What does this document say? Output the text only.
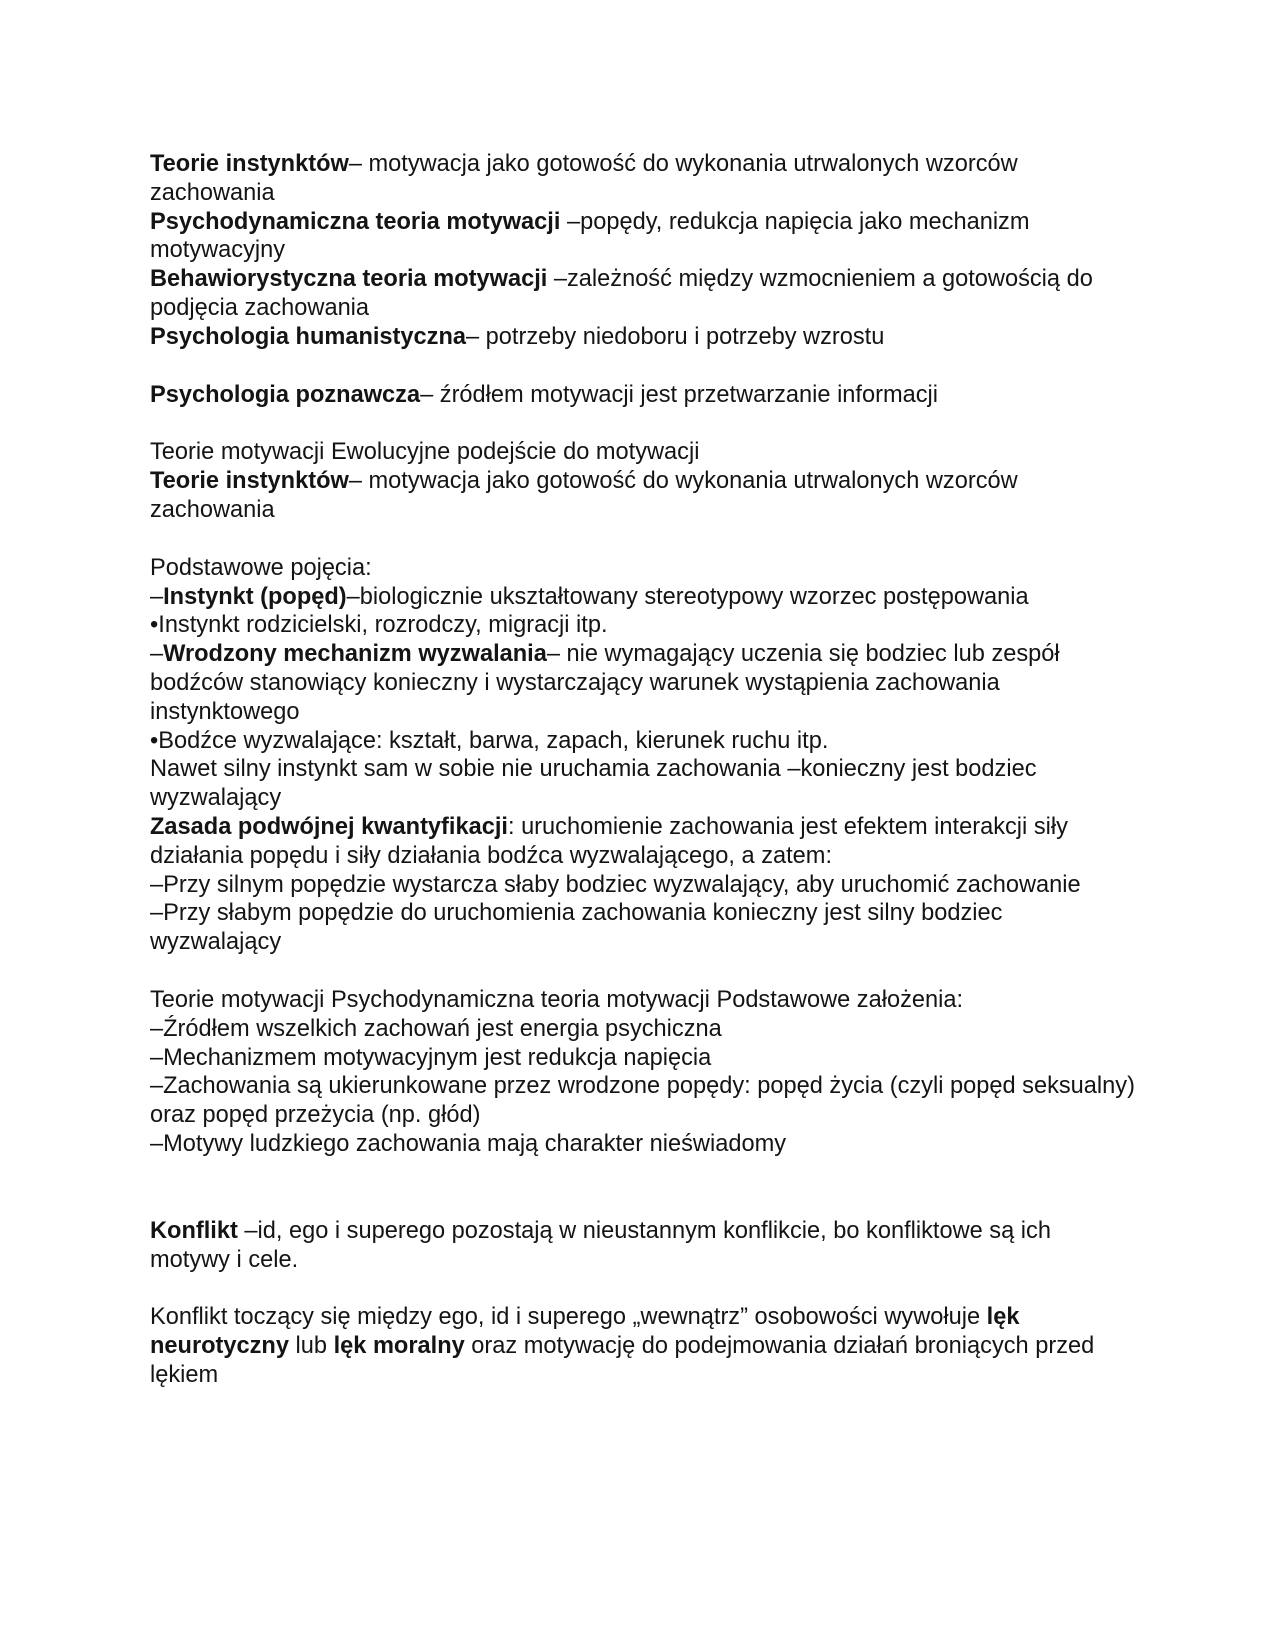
Teorie instynktów– motywacja jako gotowość do wykonania utrwalonych wzorców zachowania

Psychodynamiczna teoria motywacji –popędy, redukcja napięcia jako mechanizm motywacyjny

Behawiorystyczna teoria motywacji –zależność między wzmocnieniem a gotowością do podjęcia zachowania

Psychologia humanistyczna– potrzeby niedoboru i potrzeby wzrostu

Psychologia poznawcza– źródłem motywacji jest przetwarzanie informacji

Teorie motywacji Ewolucyjne podejście do motywacji

Teorie instynktów– motywacja jako gotowość do wykonania utrwalonych wzorców zachowania

Podstawowe pojęcia:

–Instynkt (popęd)–biologicznie ukształtowany stereotypowy wzorzec postępowania

•Instynkt rodzicielski, rozrodczy, migracji itp.

–Wrodzony mechanizm wyzwalania– nie wymagający uczenia się bodziec lub zespół bodźców stanowiący konieczny i wystarczający warunek wystąpienia zachowania instynktowego

•Bodźce wyzwalające: kształt, barwa, zapach, kierunek ruchu itp.

Nawet silny instynkt sam w sobie nie uruchamia zachowania –konieczny jest bodziec wyzwalający

Zasada podwójnej kwantyfikacji: uruchomienie zachowania jest efektem interakcji siły działania popędu i siły działania bodźca wyzwalającego, a zatem:

–Przy silnym popędzie wystarcza słaby bodziec wyzwalający, aby uruchomić zachowanie

–Przy słabym popędzie do uruchomienia zachowania konieczny jest silny bodziec wyzwalający

Teorie motywacji Psychodynamiczna teoria motywacji Podstawowe założenia:

–Źródłem wszelkich zachowań jest energia psychiczna

–Mechanizmem motywacyjnym jest redukcja napięcia

–Zachowania są ukierunkowane przez wrodzone popędy: popęd życia (czyli popęd seksualny) oraz popęd przeżycia (np. głód)

–Motywy ludzkiego zachowania mają charakter nieświadomy

Konflikt –id, ego i superego pozostają w nieustannym konflikcie, bo konfliktowe są ich motywy i cele.

Konflikt toczący się między ego, id i superego „wewnątrz” osobowości wywołuje lęk neurotyczny lub lęk moralny oraz motywację do podejmowania działań broniących przed lękiem
